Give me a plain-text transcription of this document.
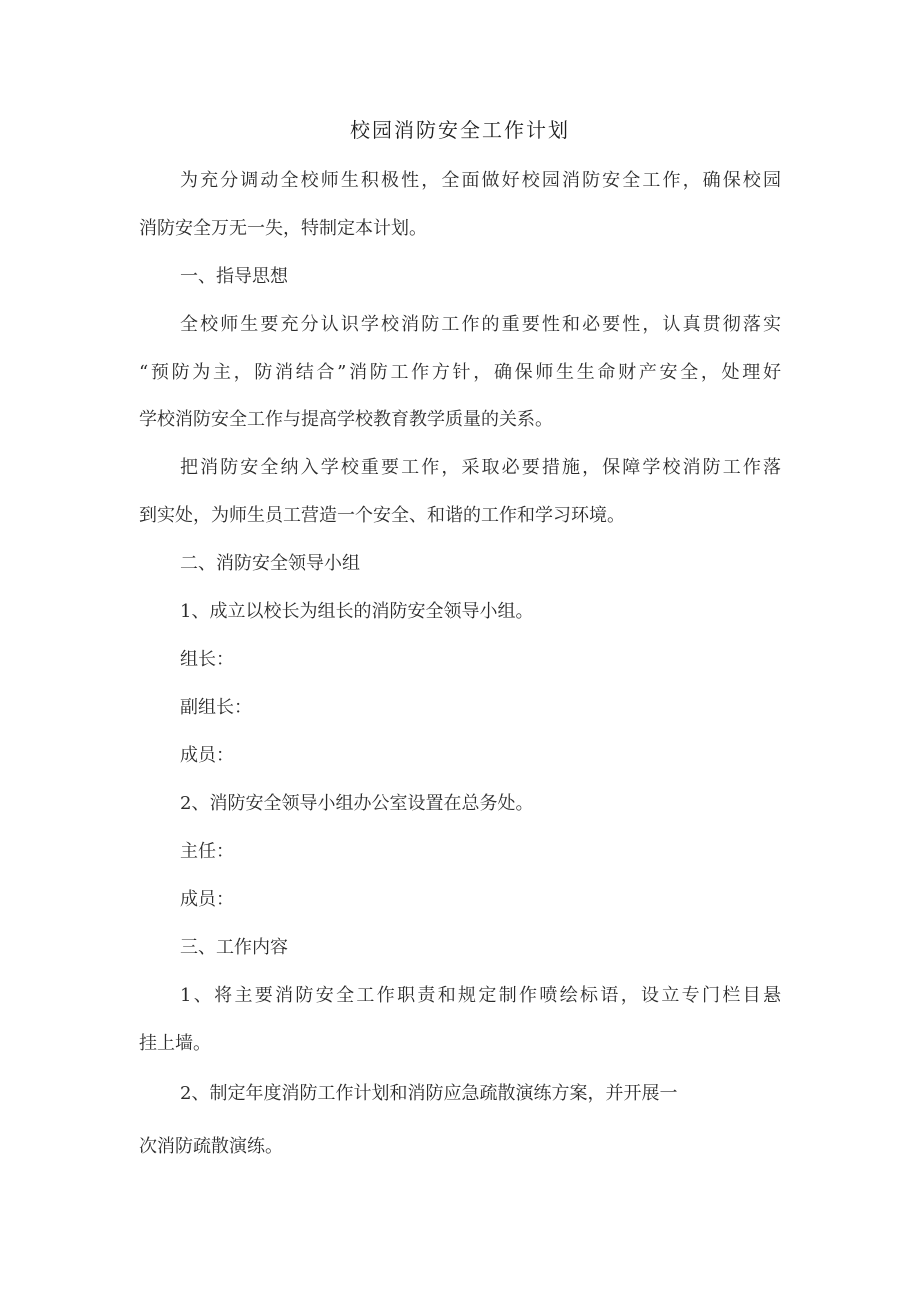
校园消防安全工作计划
为充分调动全校师生积极性，全面做好校园消防安全工作，确保校园
消防安全万无一失，特制定本计划。
一、指导思想
全校师生要充分认识学校消防工作的重要性和必要性，认真贯彻落实
“预防为主，防消结合”消防工作方针，确保师生生命财产安全，处理好
学校消防安全工作与提高学校教育教学质量的关系。
把消防安全纳入学校重要工作，采取必要措施，保障学校消防工作落
到实处，为师生员工营造一个安全、和谐的工作和学习环境。
二、消防安全领导小组
1、成立以校长为组长的消防安全领导小组。
组长：
副组长：
成员：
2、消防安全领导小组办公室设置在总务处。
主任：
成员：
三、工作内容
1、将主要消防安全工作职责和规定制作喷绘标语，设立专门栏目悬
挂上墙。
2、制定年度消防工作计划和消防应急疏散演练方案，并开展一
次消防疏散演练。
